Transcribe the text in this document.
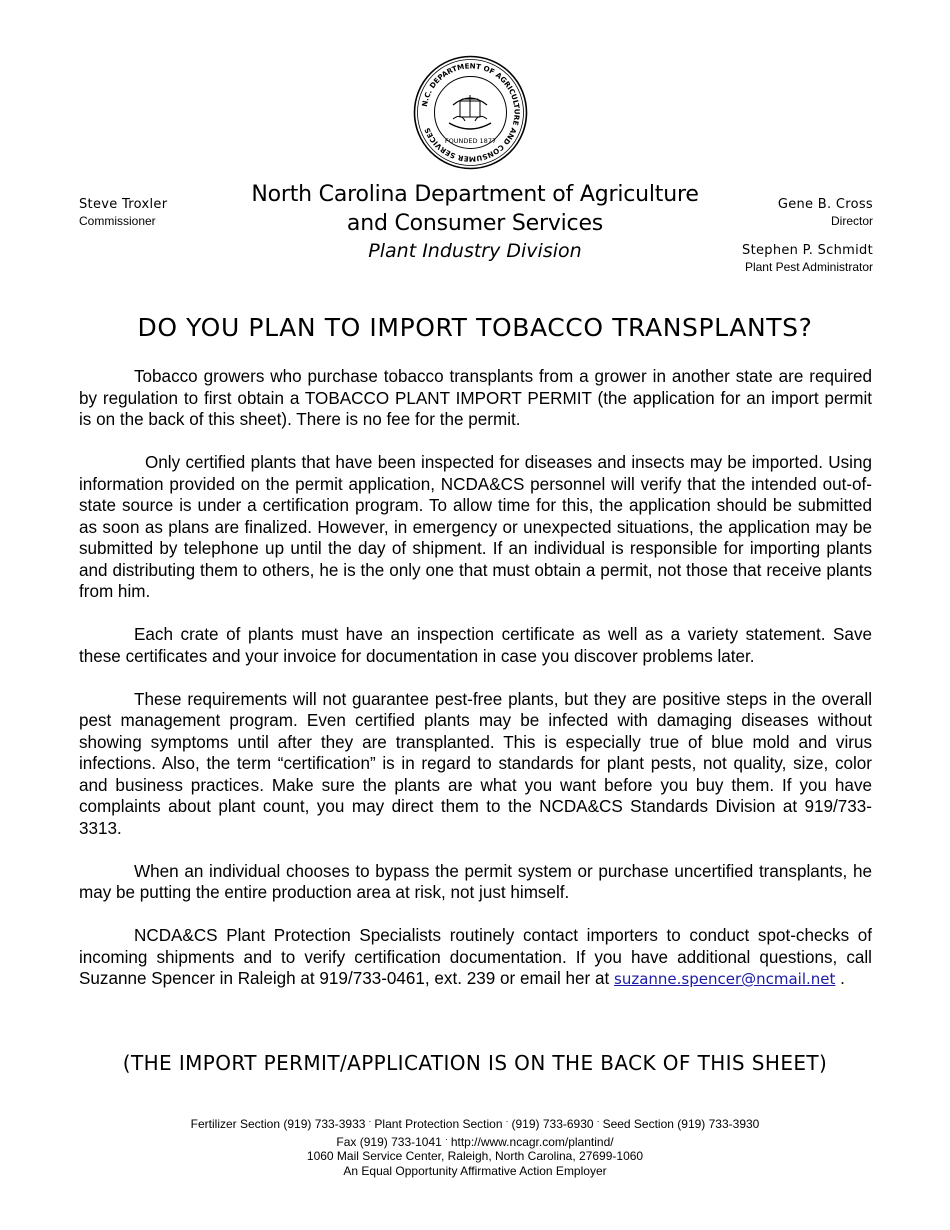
N.C. DEPARTMENT OF AGRICULTURE AND CONSUMER SERVICES
FOUNDED 1877
Steve Troxler
Commissioner
North Carolina Department of Agriculture
and Consumer Services
Plant Industry Division
Gene B. Cross
Director
Stephen P. Schmidt
Plant Pest Administrator
DO YOU PLAN TO IMPORT TOBACCO TRANSPLANTS?

Tobacco growers who purchase tobacco transplants from a grower in another state are required by regulation to first obtain a TOBACCO PLANT IMPORT PERMIT (the application for an import permit is on the back of this sheet). There is no fee for the permit.

Only certified plants that have been inspected for diseases and insects may be imported. Using information provided on the permit application, NCDA&CS personnel will verify that the intended out-of-state source is under a certification program. To allow time for this, the application should be submitted as soon as plans are finalized. However, in emergency or unexpected situations, the application may be submitted by telephone up until the day of shipment. If an individual is responsible for importing plants and distributing them to others, he is the only one that must obtain a permit, not those that receive plants from him.

Each crate of plants must have an inspection certificate as well as a variety statement. Save these certificates and your invoice for documentation in case you discover problems later.

These requirements will not guarantee pest-free plants, but they are positive steps in the overall pest management program. Even certified plants may be infected with damaging diseases without showing symptoms until after they are transplanted. This is especially true of blue mold and virus infections. Also, the term “certification” is in regard to standards for plant pests, not quality, size, color and business practices. Make sure the plants are what you want before you buy them. If you have complaints about plant count, you may direct them to the NCDA&CS Standards Division at 919/733-3313.

When an individual chooses to bypass the permit system or purchase uncertified transplants, he may be putting the entire production area at risk, not just himself.

NCDA&CS Plant Protection Specialists routinely contact importers to conduct spot-checks of incoming shipments and to verify certification documentation. If you have additional questions, call Suzanne Spencer in Raleigh at 919/733-0461, ext. 239 or email her at suzanne.spencer@ncmail.net .

(THE IMPORT PERMIT/APPLICATION IS ON THE BACK OF THIS SHEET)
Fertilizer Section (919) 733-3933 · Plant Protection Section · (919) 733-6930 · Seed Section (919) 733-3930
Fax (919) 733-1041 · http://www.ncagr.com/plantind/
1060 Mail Service Center, Raleigh, North Carolina, 27699-1060
An Equal Opportunity Affirmative Action Employer
